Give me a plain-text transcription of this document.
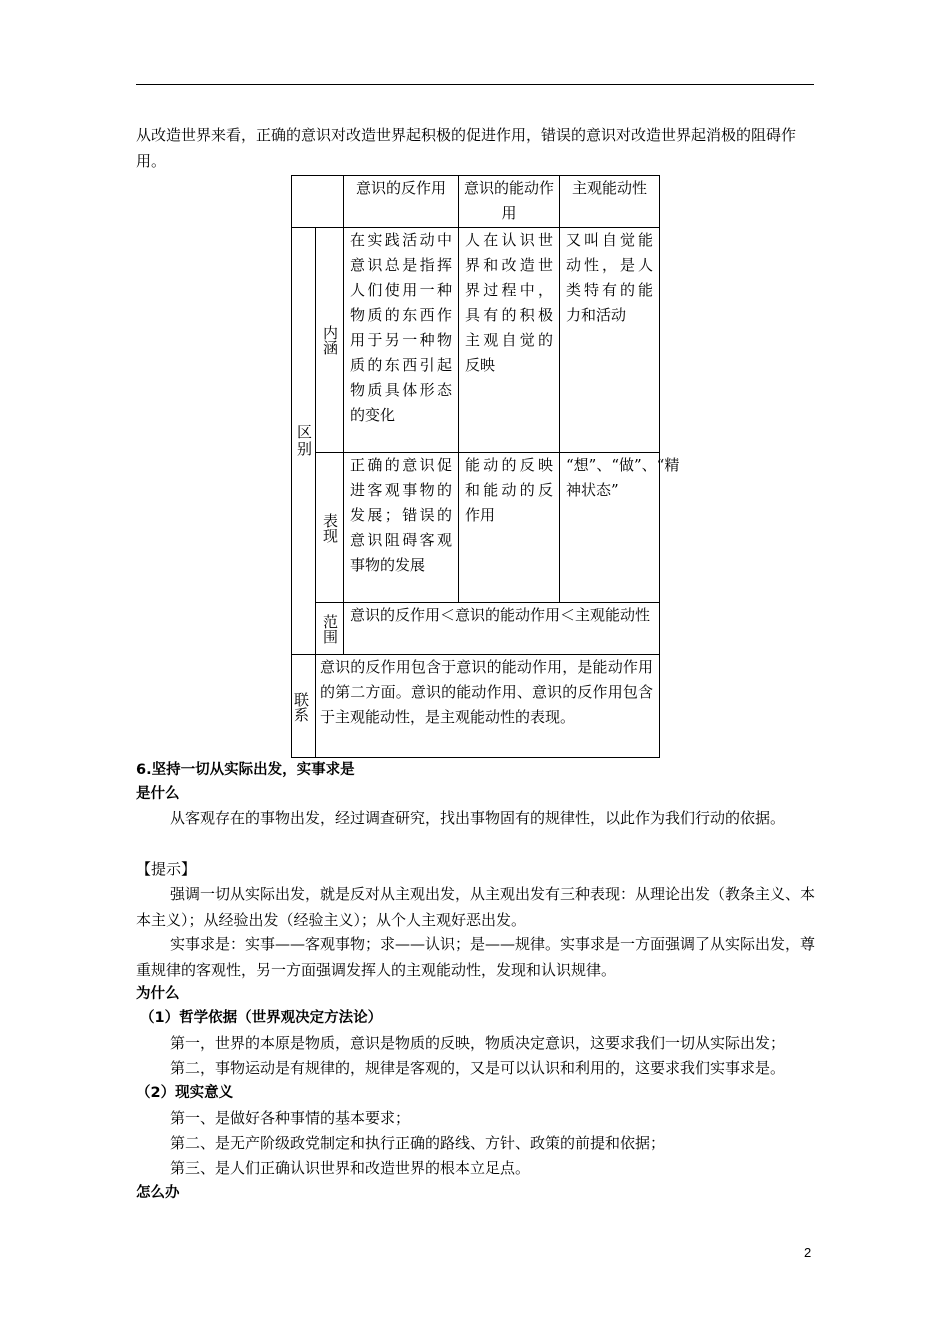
从改造世界来看，正确的意识对改造世界起积极的促进作用，错误的意识对改造世界起消极的阻碍作用。

		意识的反作用	意识的能动作用	主观能动性
区别	内涵	在实践活动中意识总是指挥人们使用一种物质的东西作用于另一种物质的东西引起物质具体形态的变化	人在认识世界和改造世界过程中，具有的积极主观自觉的反映	又叫自觉能动性，是人类特有的能力和活动
	表现	正确的意识促进客观事物的发展；错误的意识阻碍客观事物的发展	能动的反映和能动的反作用	“想”、“做”、“精神状态”
	范围	意识的反作用＜意识的能动作用＜主观能动性		
联系	意识的反作用包含于意识的能动作用，是能动作用的第二方面。意识的能动作用、意识的反作用包含于主观能动性，是主观能动性的表现。			

6.坚持一切从实际出发，实事求是

是什么

从客观存在的事物出发，经过调查研究，找出事物固有的规律性，以此作为我们行动的依据。

【提示】

强调一切从实际出发，就是反对从主观出发，从主观出发有三种表现：从理论出发（教条主义、本本主义）；从经验出发（经验主义）；从个人主观好恶出发。

实事求是：实事——客观事物；求——认识；是——规律。实事求是一方面强调了从实际出发，尊重规律的客观性，另一方面强调发挥人的主观能动性，发现和认识规律。

为什么

（1）哲学依据（世界观决定方法论）

第一，世界的本原是物质，意识是物质的反映，物质决定意识，这要求我们一切从实际出发；

第二，事物运动是有规律的，规律是客观的，又是可以认识和利用的，这要求我们实事求是。

（2）现实意义

第一、是做好各种事情的基本要求；

第二、是无产阶级政党制定和执行正确的路线、方针、政策的前提和依据；

第三、是人们正确认识世界和改造世界的根本立足点。

怎么办

2
